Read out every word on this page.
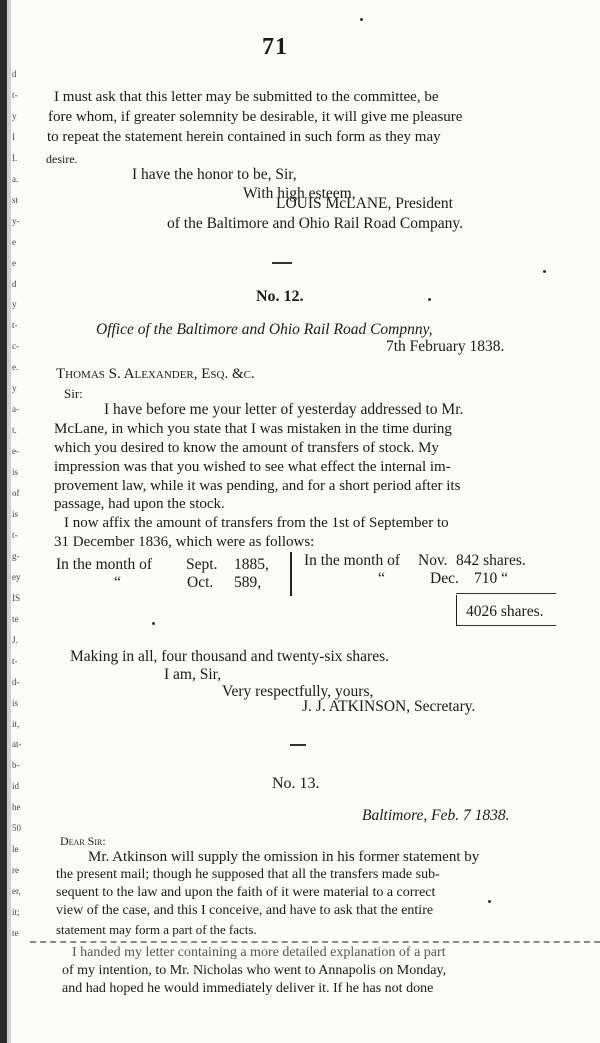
d
t-
y
I
I.
a.
st
y-
e
e
d
y
t-
c-
e.
y
a-
t.
e-
is
of
is
t-
g-
ey
IS
te
J.
t-
d-
is
it,
at-
b-
id
he
50
le
re
er,
it;
te
71
I must ask that this letter may be submitted to the committee, be
fore whom, if greater solemnity be desirable, it will give me pleasure
to repeat the statement herein contained in such form as they may
desire.
I have the honor to be, Sir,
With high esteem,
LOUIS McLANE, President
of the Baltimore and Ohio Rail Road Company.
No. 12.
Office of the Baltimore and Ohio Rail Road Compnny,
7th February 1838.
Thomas S. Alexander, Esq. &c.
Sir:
I have before me your letter of yesterday addressed to Mr.
McLane, in which you state that I was mistaken in the time during
which you desired to know the amount of transfers of stock. My
impression was that you wished to see what effect the internal im-
provement law, while it was pending, and for a short period after its
passage, had upon the stock.
I now affix the amount of transfers from the 1st of September to
31 December 1836, which were as follows:
In the month of Sept. 1885,
“	Oct. 589,
In the month of Nov. 842 shares.
“	Dec. 710 “
4026 shares.
Making in all, four thousand and twenty-six shares.
I am, Sir,
Very respectfully, yours,
J. J. ATKINSON, Secretary.
No. 13.
Baltimore, Feb. 7 1838.
Dear Sir:
Mr. Atkinson will supply the omission in his former statement by
the present mail; though he supposed that all the transfers made sub-
sequent to the law and upon the faith of it were material to a correct
view of the case, and this I conceive, and have to ask that the entire
statement may form a part of the facts.
I handed my letter containing a more detailed explanation of a part
of my intention, to Mr. Nicholas who went to Annapolis on Monday,
and had hoped he would immediately deliver it. If he has not done
